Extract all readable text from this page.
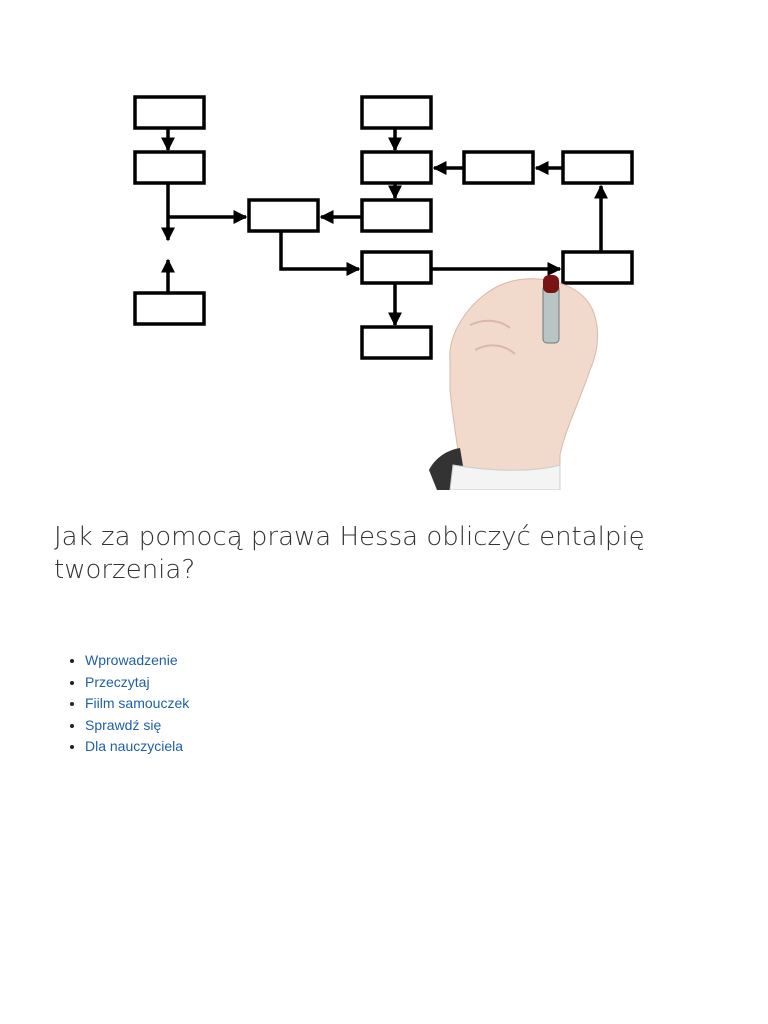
Jak za pomocą prawa Hessa obliczyć entalpię tworzenia?
• Wprowadzenie
• Przeczytaj
• Fiilm samouczek
• Sprawdź się
• Dla nauczyciela
